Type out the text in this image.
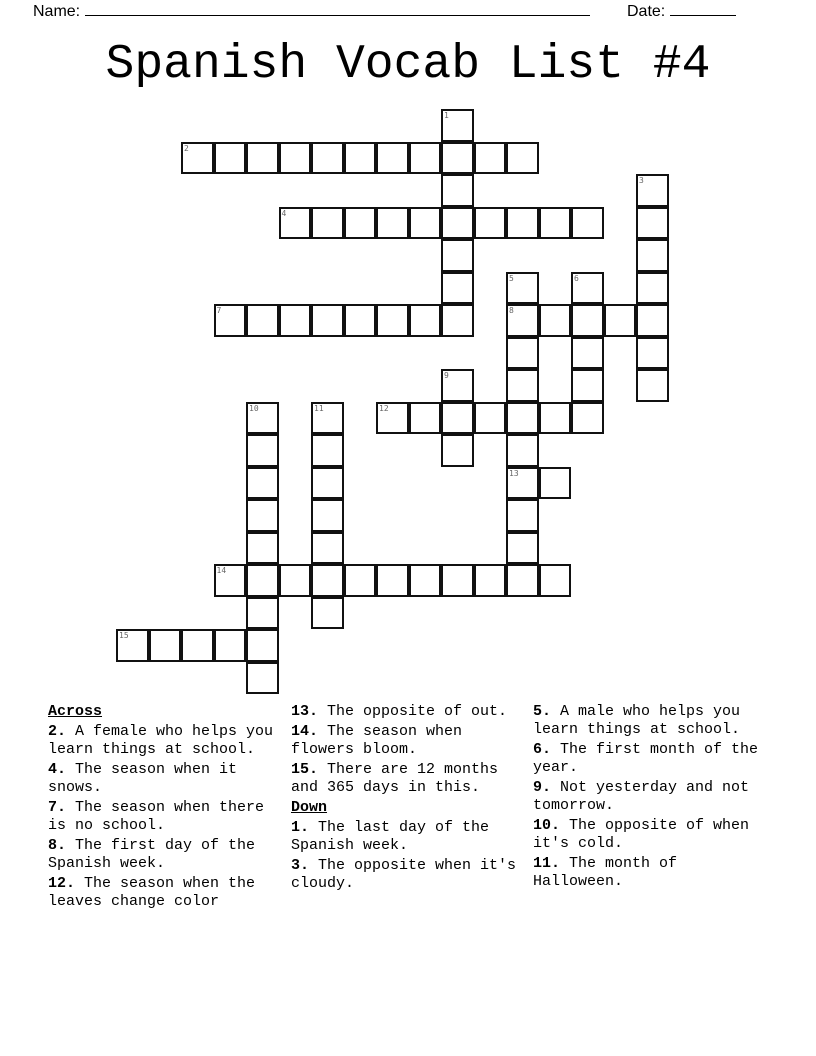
Name:	Date:
Spanish Vocab List #4
1
2
3
4
5
8
13
6
7
9
10	11	12
14
15
Across
2. A female who helps you learn things at school.
4. The season when it snows.
7. The season when there is no school.
8. The first day of the Spanish week.
12. The season when the leaves change color
13. The opposite of out.
14. The season when flowers bloom.
15. There are 12 months and 365 days in this.
Down
1. The last day of the Spanish week.
3. The opposite when it's cloudy.
5. A male who helps you learn things at school.
6. The first month of the year.
9. Not yesterday and not tomorrow.
10. The opposite of when it's cold.
11. The month of Halloween.
